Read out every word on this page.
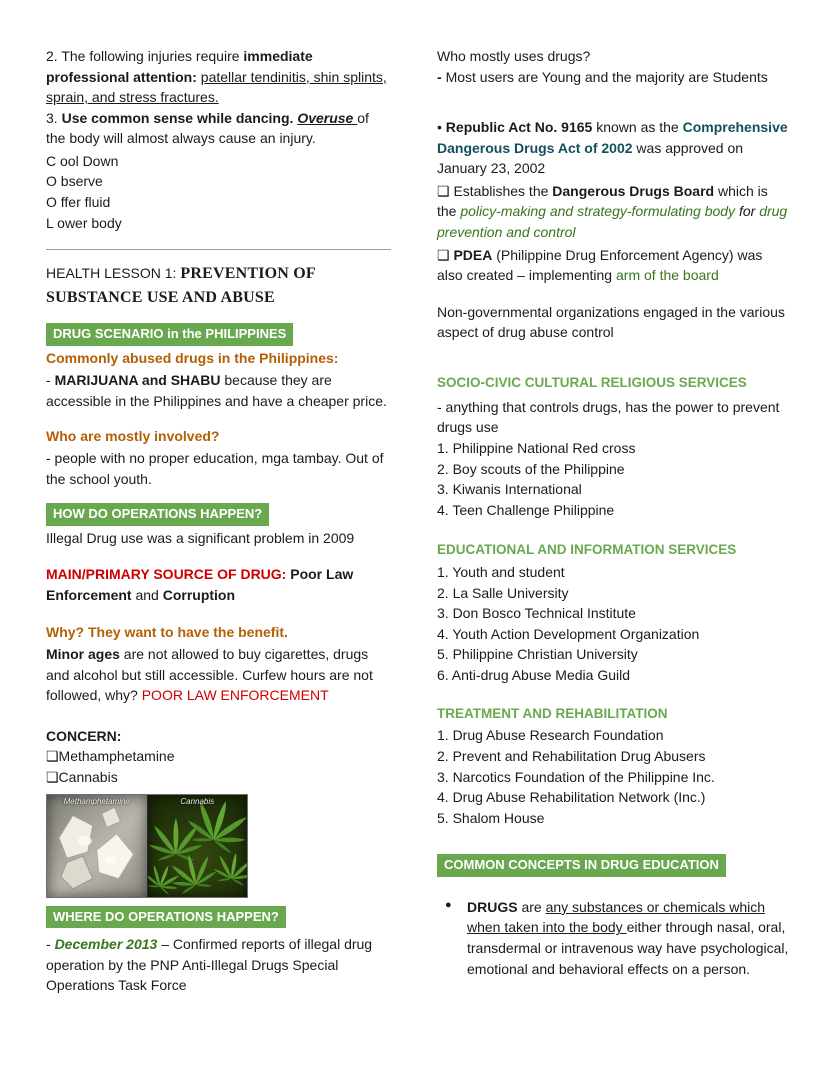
2. The following injuries require immediate professional attention: patellar tendinitis, shin splints, sprain, and stress fractures.

3. Use common sense while dancing. Overuse of the body will almost always cause an injury.

C ool Down

O bserve

O ffer fluid

L ower body

HEALTH LESSON 1: PREVENTION OF SUBSTANCE USE AND ABUSE

DRUG SCENARIO in the PHILIPPINES

Commonly abused drugs in the Philippines:

- MARIJUANA and SHABU because they are accessible in the Philippines and have a cheaper price.

Who are mostly involved?

- people with no proper education, mga tambay. Out of the school youth.

HOW DO OPERATIONS HAPPEN?

Illegal Drug use was a significant problem in 2009

MAIN/PRIMARY SOURCE OF DRUG: Poor Law Enforcement and Corruption

Why? They want to have the benefit.

Minor ages are not allowed to buy cigarettes, drugs and alcohol but still accessible. Curfew hours are not followed, why? POOR LAW ENFORCEMENT

CONCERN:

❑Methamphetamine

❑Cannabis

Methamphetamine	Cannabis
WHERE DO OPERATIONS HAPPEN?

- December 2013 – Confirmed reports of illegal drug operation by the PNP Anti-Illegal Drugs Special Operations Task Force

Who mostly uses drugs?

- Most users are Young and the majority are Students

• Republic Act No. 9165 known as the Comprehensive Dangerous Drugs Act of 2002 was approved on January 23, 2002

❑ Establishes the Dangerous Drugs Board which is the policy-making and strategy-formulating body for drug prevention and control

❑ PDEA (Philippine Drug Enforcement Agency) was also created – implementing arm of the board

Non-governmental organizations engaged in the various aspect of drug abuse control

SOCIO-CIVIC CULTURAL RELIGIOUS SERVICES

- anything that controls drugs, has the power to prevent drugs use

1. Philippine National Red cross

2. Boy scouts of the Philippine

3. Kiwanis International

4. Teen Challenge Philippine

EDUCATIONAL AND INFORMATION SERVICES

1. Youth and student

2. La Salle University

3. Don Bosco Technical Institute

4. Youth Action Development Organization

5. Philippine Christian University

6. Anti-drug Abuse Media Guild

TREATMENT AND REHABILITATION

1. Drug Abuse Research Foundation

2. Prevent and Rehabilitation Drug Abusers

3. Narcotics Foundation of the Philippine Inc.

4. Drug Abuse Rehabilitation Network (Inc.)

5. Shalom House

COMMON CONCEPTS IN DRUG EDUCATION
● DRUGS are any substances or chemicals which when taken into the body either through nasal, oral, transdermal or intravenous way have psychological, emotional and behavioral effects on a person.
